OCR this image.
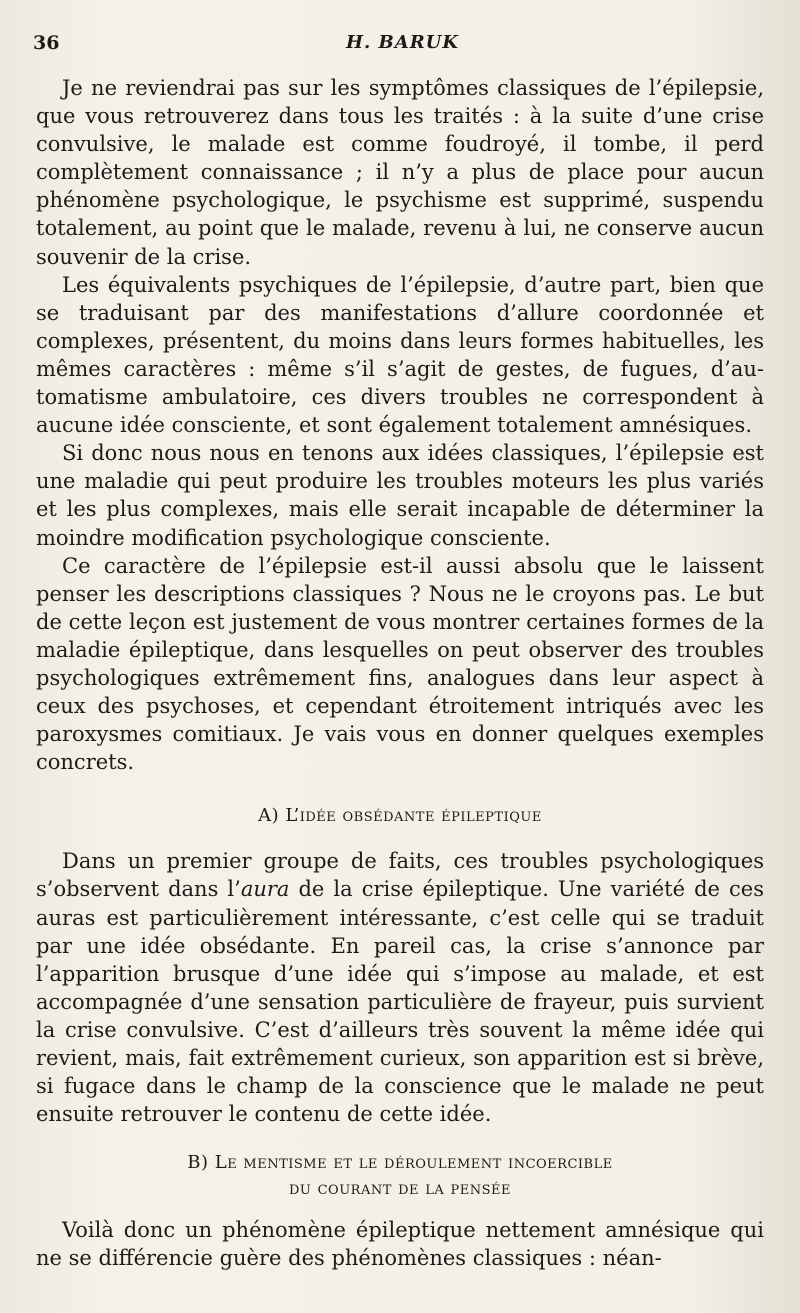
36	H. BARUK

Je ne reviendrai pas sur les symptômes classiques de l’épilepsie, que vous retrouverez dans tous les traités : à la suite d’une crise convulsive, le malade est comme foudroyé, il tombe, il perd complètement connaissance ; il n’y a plus de place pour aucun phénomène psychologique, le psychisme est supprimé, suspendu totalement, au point que le malade, revenu à lui, ne conserve aucun souvenir de la crise.

Les équivalents psychiques de l’épilepsie, d’autre part, bien que se traduisant par des manifestations d’allure coordonnée et complexes, présentent, du moins dans leurs formes habituelles, les mêmes caractères : même s’il s’agit de gestes, de fugues, d’automatisme ambulatoire, ces divers troubles ne correspondent à aucune idée consciente, et sont également totalement amnésiques.

Si donc nous nous en tenons aux idées classiques, l’épilepsie est une maladie qui peut produire les troubles moteurs les plus variés et les plus complexes, mais elle serait incapable de déterminer la moindre modification psychologique consciente.

Ce caractère de l’épilepsie est-il aussi absolu que le laissent penser les descriptions classiques ? Nous ne le croyons pas. Le but de cette leçon est justement de vous montrer certaines formes de la maladie épileptique, dans lesquelles on peut observer des troubles psychologiques extrêmement fins, analogues dans leur aspect à ceux des psychoses, et cependant étroitement intriqués avec les paroxysmes comitiaux. Je vais vous en donner quelques exemples concrets.

A) L’idée obsédante épileptique

Dans un premier groupe de faits, ces troubles psychologiques s’observent dans l’aura de la crise épileptique. Une variété de ces auras est particulièrement intéressante, c’est celle qui se traduit par une idée obsédante. En pareil cas, la crise s’annonce par l’apparition brusque d’une idée qui s’impose au malade, et est accompagnée d’une sensation particulière de frayeur, puis survient la crise convulsive. C’est d’ailleurs très souvent la même idée qui revient, mais, fait extrêmement curieux, son apparition est si brève, si fugace dans le champ de la conscience que le malade ne peut ensuite retrouver le contenu de cette idée.

B) Le mentisme et le déroulement incoercible
du courant de la pensée

Voilà donc un phénomène épileptique nettement amnésique qui ne se différencie guère des phénomènes classiques : néan-
